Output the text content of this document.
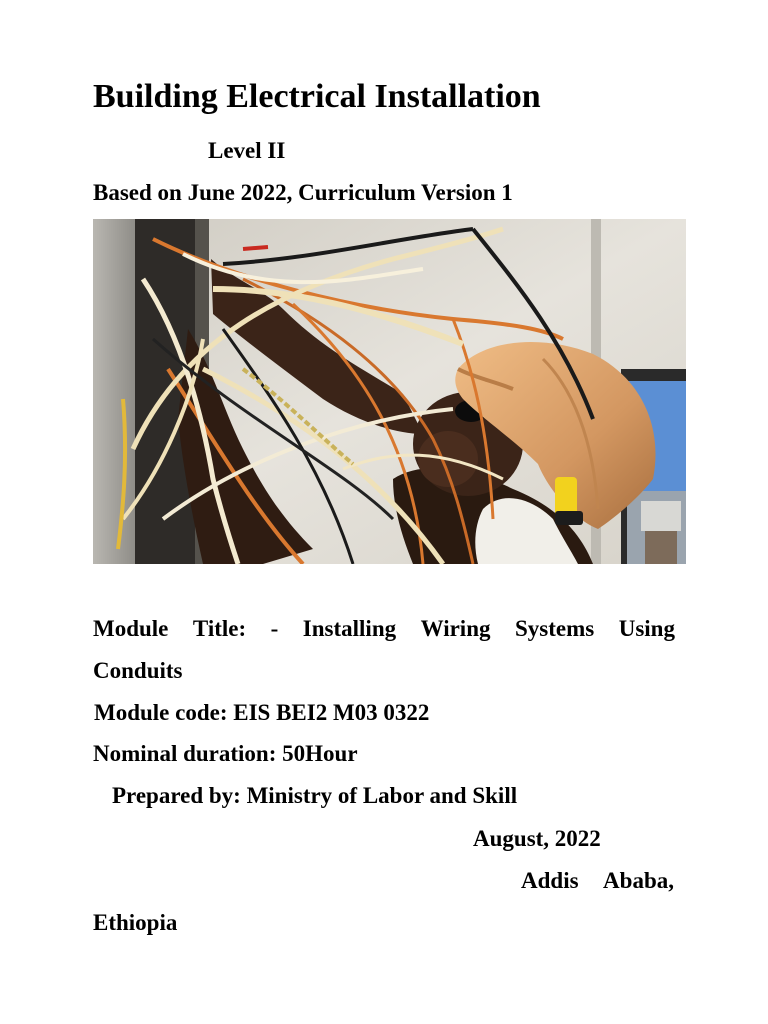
Building Electrical Installation

Level II

Based on June 2022, Curriculum Version 1

Module Title: - Installing Wiring Systems Using

Conduits

Module code: EIS BEI2 M03 0322

Nominal duration: 50Hour

Prepared by: Ministry of Labor and Skill

August, 2022

Addis Ababa,

Ethiopia
